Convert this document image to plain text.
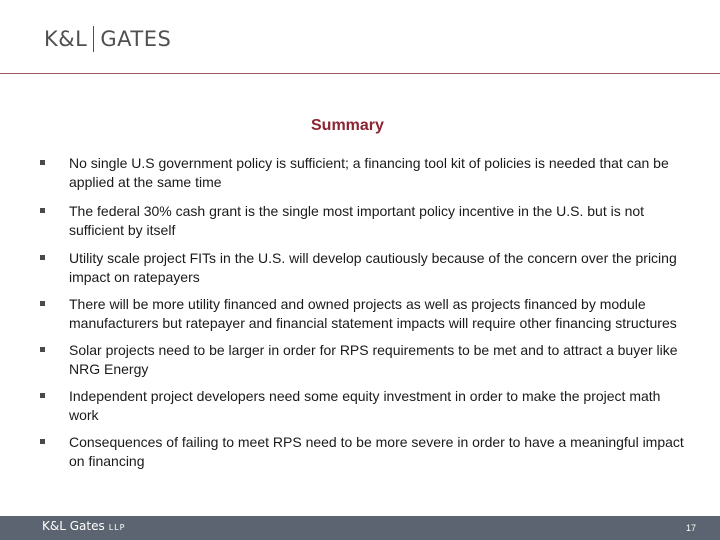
K&L GATES
Summary
No single U.S government policy is sufficient; a financing tool kit of policies is needed that can be applied at the same time
The federal 30% cash grant is the single most important policy incentive in the U.S. but is not sufficient by itself
Utility scale project FITs in the U.S. will develop cautiously because of the concern over the pricing impact on ratepayers
There will be more utility financed and owned projects as well as projects financed by module manufacturers but ratepayer and financial statement impacts will require other financing structures
Solar projects need to be larger in order for RPS requirements to be met and to attract a buyer like NRG Energy
Independent project developers need some equity investment in order to make the project math work
Consequences of failing to meet RPS need to be more severe in order to have a meaningful impact on financing
K&L Gates LLP	17
